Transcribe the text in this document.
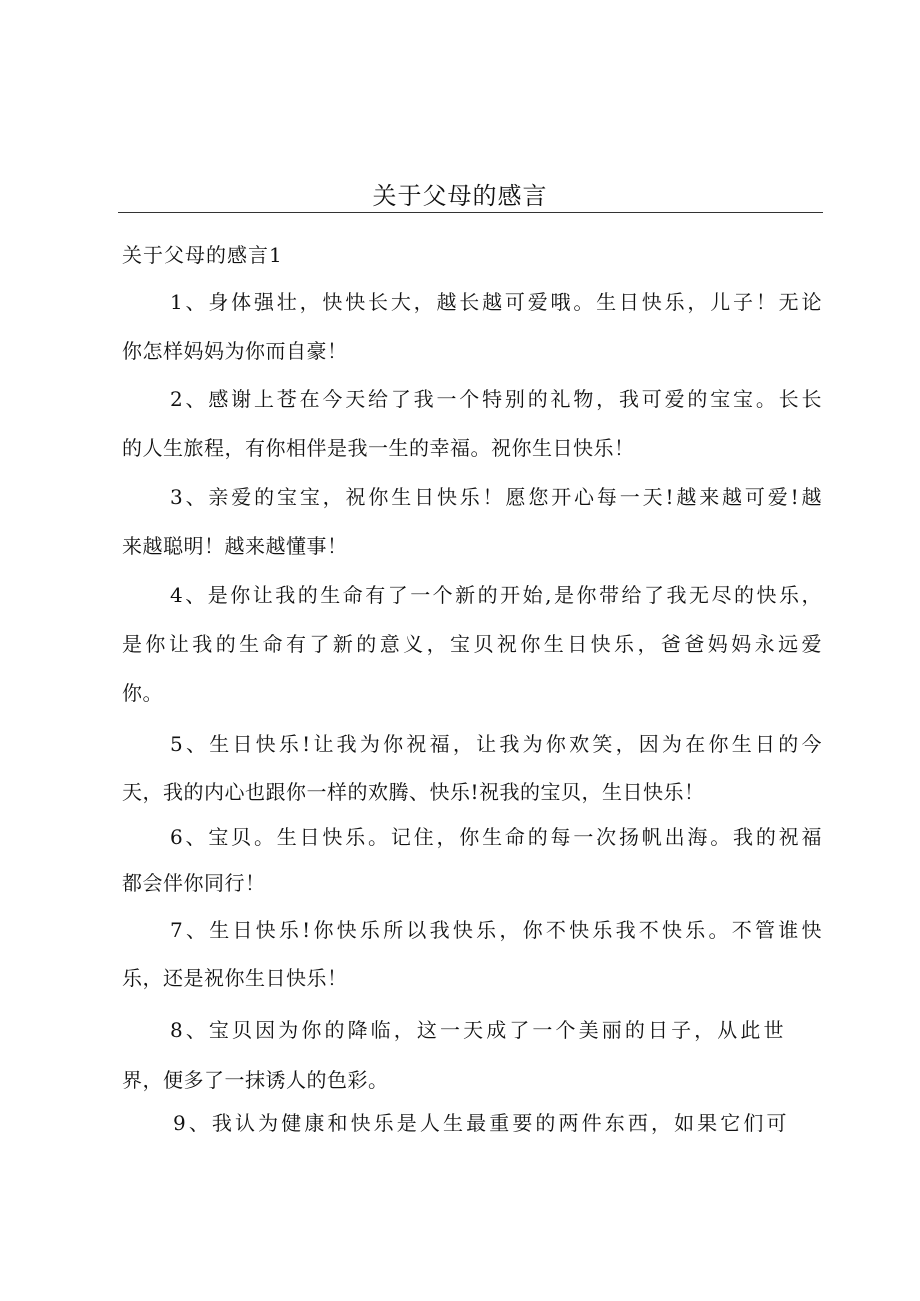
关于父母的感言
关于父母的感言1
1、身体强壮，快快长大，越长越可爱哦。生日快乐，儿子！无论
你怎样妈妈为你而自豪！
2、感谢上苍在今天给了我一个特别的礼物，我可爱的宝宝。长长
的人生旅程，有你相伴是我一生的幸福。祝你生日快乐！
3、亲爱的宝宝，祝你生日快乐！愿您开心每一天!越来越可爱!越
来越聪明！越来越懂事！
4、是你让我的生命有了一个新的开始,是你带给了我无尽的快乐，
是你让我的生命有了新的意义，宝贝祝你生日快乐，爸爸妈妈永远爱
你。
5、生日快乐!让我为你祝福，让我为你欢笑，因为在你生日的今
天，我的内心也跟你一样的欢腾、快乐!祝我的宝贝，生日快乐！
6、宝贝。生日快乐。记住，你生命的每一次扬帆出海。我的祝福
都会伴你同行！
7、生日快乐!你快乐所以我快乐，你不快乐我不快乐。不管谁快
乐，还是祝你生日快乐！
8、宝贝因为你的降临，这一天成了一个美丽的日子，从此世
界，便多了一抹诱人的色彩。
9、我认为健康和快乐是人生最重要的两件东西，如果它们可
